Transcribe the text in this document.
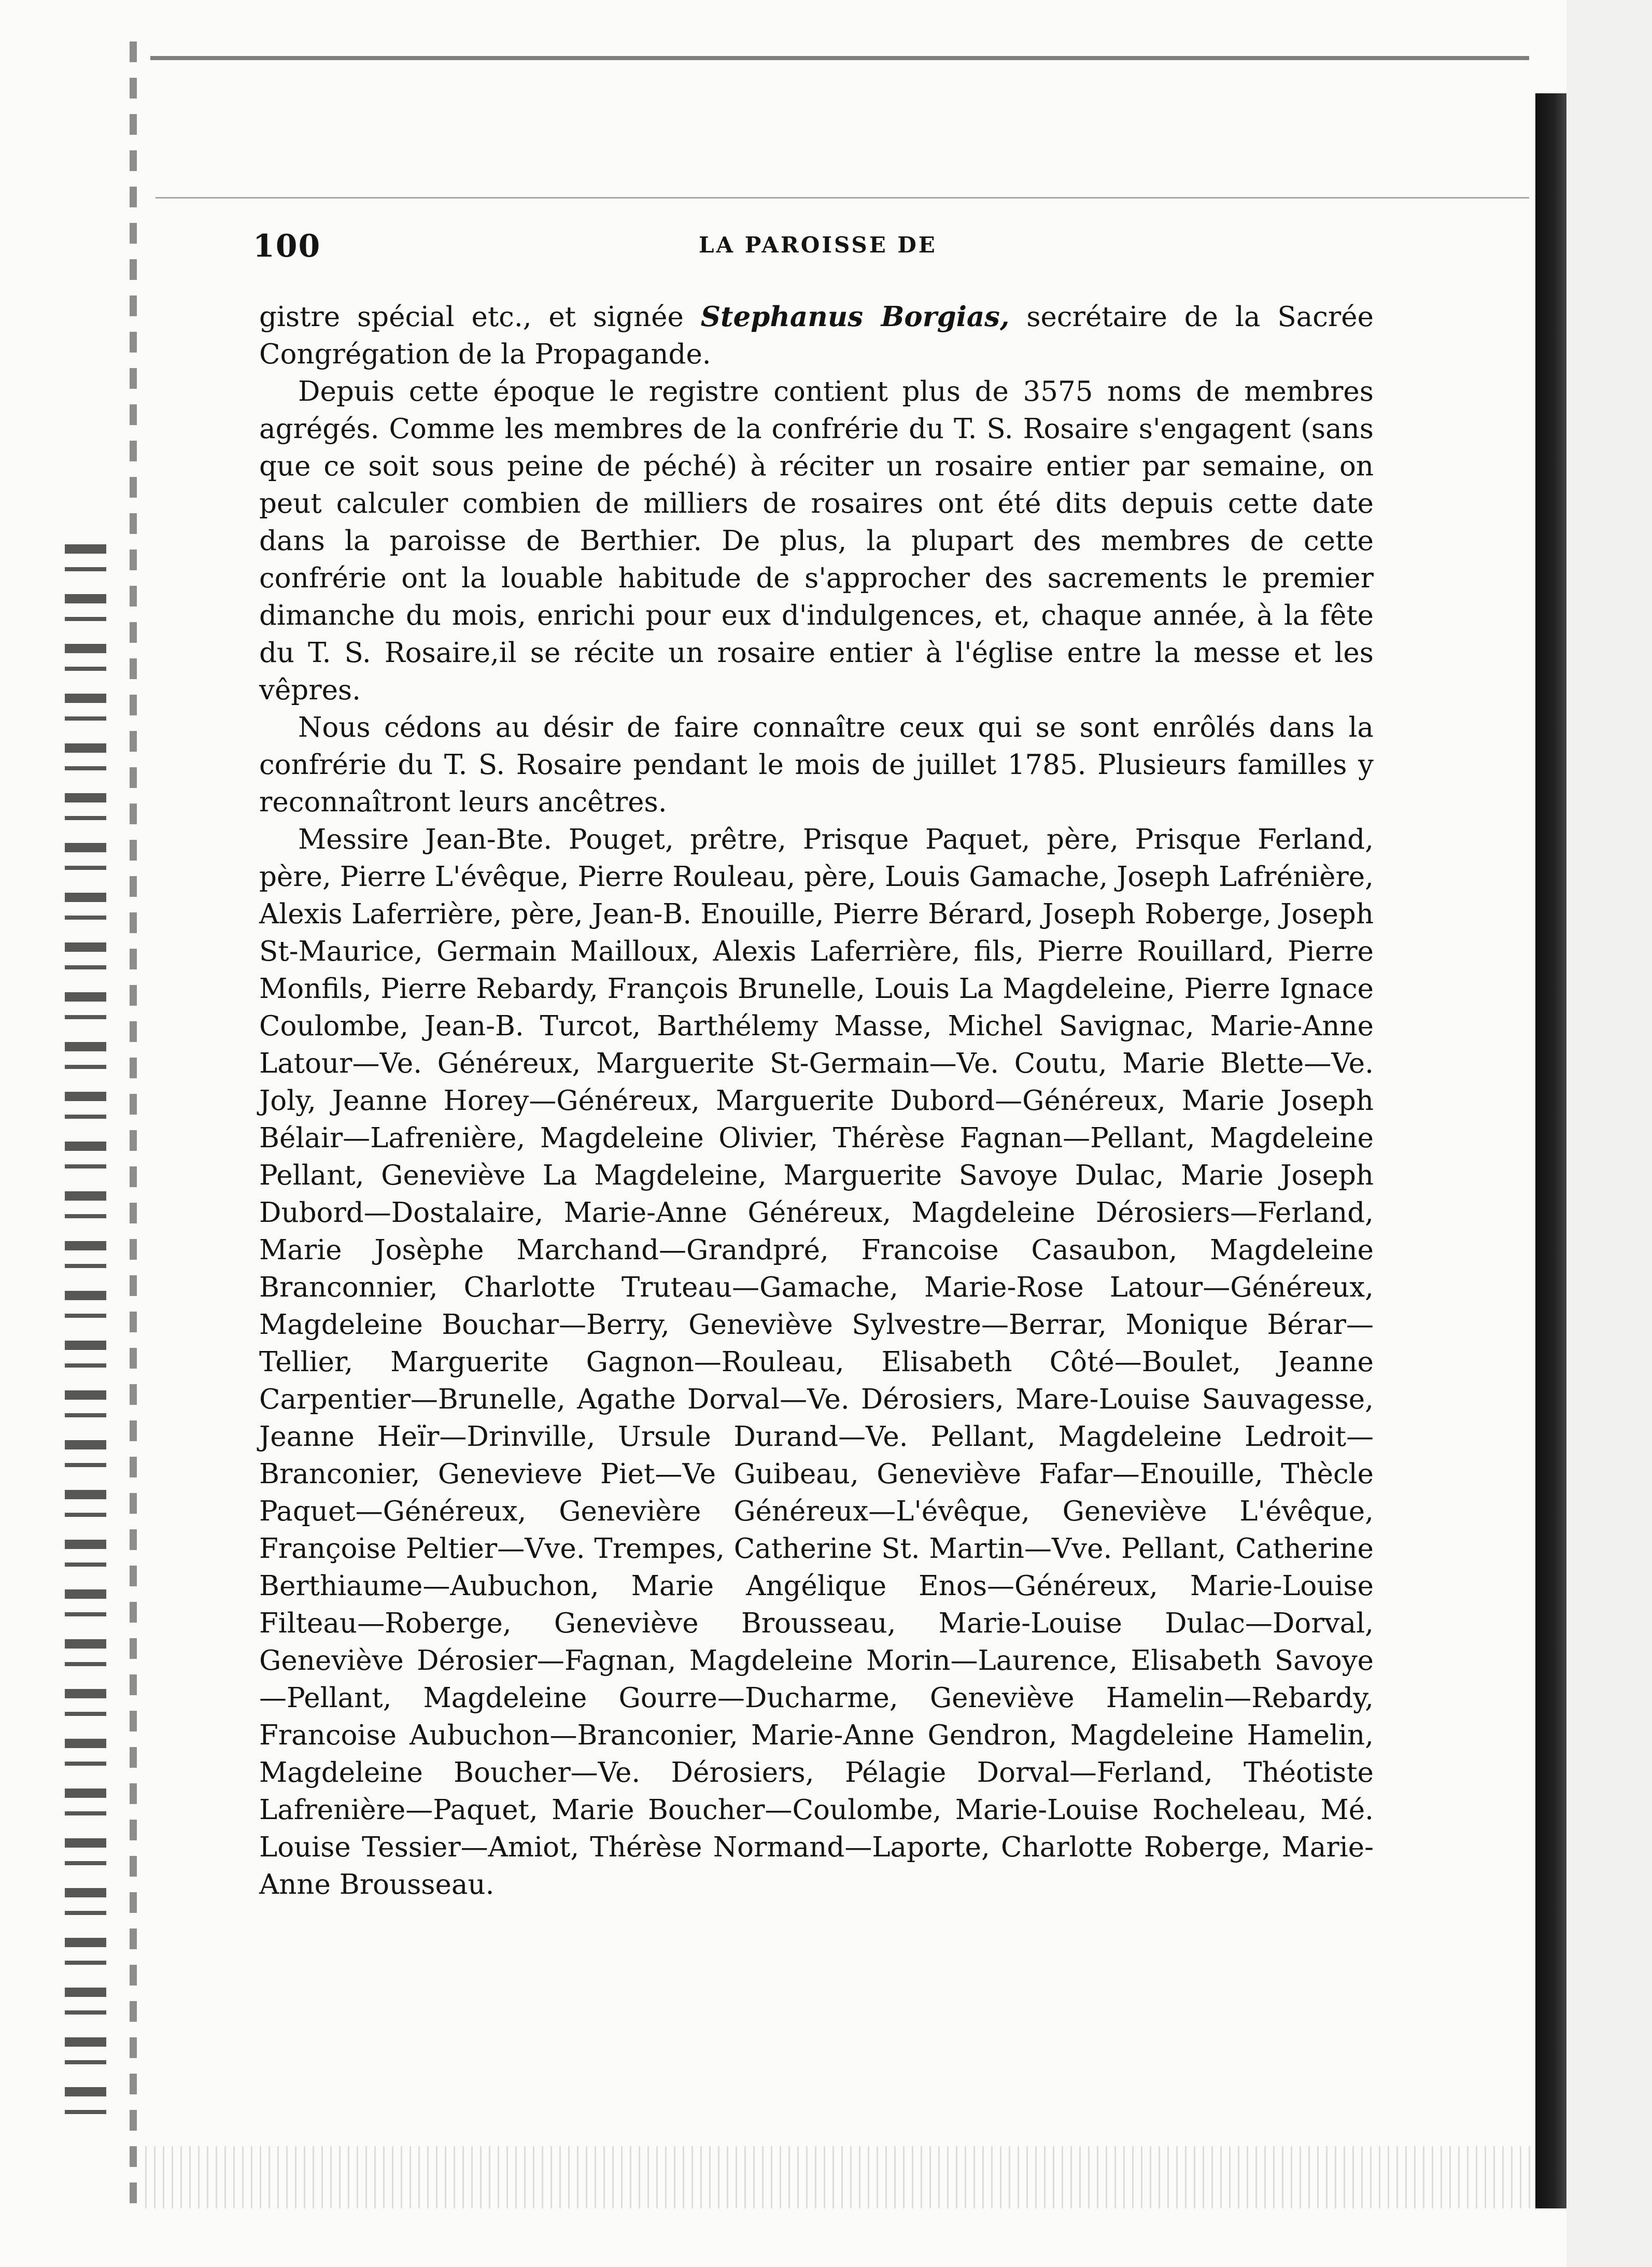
100	LA PAROISSE DE

gistre spécial etc., et signée Stephanus Borgias, secrétaire de la Sacrée Congrégation de la Propagande.

Depuis cette époque le registre contient plus de 3575 noms de membres agrégés. Comme les membres de la confrérie du T. S. Rosaire s'engagent (sans que ce soit sous peine de péché) à réciter un rosaire entier par semaine, on peut calculer combien de milliers de rosaires ont été dits depuis cette date dans la paroisse de Berthier. De plus, la plupart des membres de cette confrérie ont la louable habitude de s'approcher des sacrements le premier dimanche du mois, enrichi pour eux d'indulgences, et, chaque année, à la fête du T. S. Rosaire,il se récite un rosaire entier à l'église entre la messe et les vêpres.

Nous cédons au désir de faire connaître ceux qui se sont enrôlés dans la confrérie du T. S. Rosaire pendant le mois de juillet 1785. Plusieurs familles y reconnaîtront leurs ancêtres.

Messire Jean-Bte. Pouget, prêtre, Prisque Paquet, père, Prisque Ferland, père, Pierre L'évêque, Pierre Rouleau, père, Louis Gamache, Joseph Lafrénière, Alexis Laferrière, père, Jean-B. Enouille, Pierre Bérard, Joseph Roberge, Joseph St-Maurice, Germain Mailloux, Alexis Laferrière, fils, Pierre Rouillard, Pierre Monfils, Pierre Rebardy, François Brunelle, Louis La Magdeleine, Pierre Ignace Coulombe, Jean-B. Turcot, Barthélemy Masse, Michel Savignac, Marie-Anne Latour—Ve. Généreux, Marguerite St-Germain—Ve. Coutu, Marie Blette—Ve. Joly, Jeanne Horey—Généreux, Marguerite Dubord—Généreux, Marie Joseph Bélair—Lafrenière, Magdeleine Olivier, Thérèse Fagnan—Pellant, Magdeleine Pellant, Geneviève La Magdeleine, Marguerite Savoye Dulac, Marie Joseph Dubord—Dostalaire, Marie-Anne Généreux, Magdeleine Dérosiers—Ferland, Marie Josèphe Marchand—Grandpré, Francoise Casaubon, Magdeleine Branconnier, Charlotte Truteau—Gamache, Marie-Rose Latour—Généreux, Magdeleine Bouchar—Berry, Geneviève Sylvestre—Berrar, Monique Bérar—Tellier, Marguerite Gagnon—Rouleau, Elisabeth Côté—Boulet, Jeanne Carpentier—Brunelle, Agathe Dorval—Ve. Dérosiers, Mare-Louise Sauvagesse, Jeanne Heïr—Drinville, Ursule Durand—Ve. Pellant, Magdeleine Ledroit—Branconier, Genevieve Piet—Ve Guibeau, Geneviève Fafar—Enouille, Thècle Paquet—Généreux, Genevière Généreux—L'évêque, Geneviève L'évêque, Françoise Peltier—Vve. Trempes, Catherine St. Martin—Vve. Pellant, Catherine Berthiaume—Aubuchon, Marie Angélique Enos—Généreux, Marie-Louise Filteau—Roberge, Geneviève Brousseau, Marie-Louise Dulac—Dorval, Geneviève Dérosier—Fagnan, Magdeleine Morin—Laurence, Elisabeth Savoye—Pellant, Magdeleine Gourre—Ducharme, Geneviève Hamelin—Rebardy, Francoise Aubuchon—Branconier, Marie-Anne Gendron, Magdeleine Hamelin, Magdeleine Boucher—Ve. Dérosiers, Pélagie Dorval—Ferland, Théotiste Lafrenière—Paquet, Marie Boucher—Coulombe, Marie-Louise Rocheleau, Mé. Louise Tessier—Amiot, Thérèse Normand—Laporte, Charlotte Roberge, Marie-Anne Brousseau.
